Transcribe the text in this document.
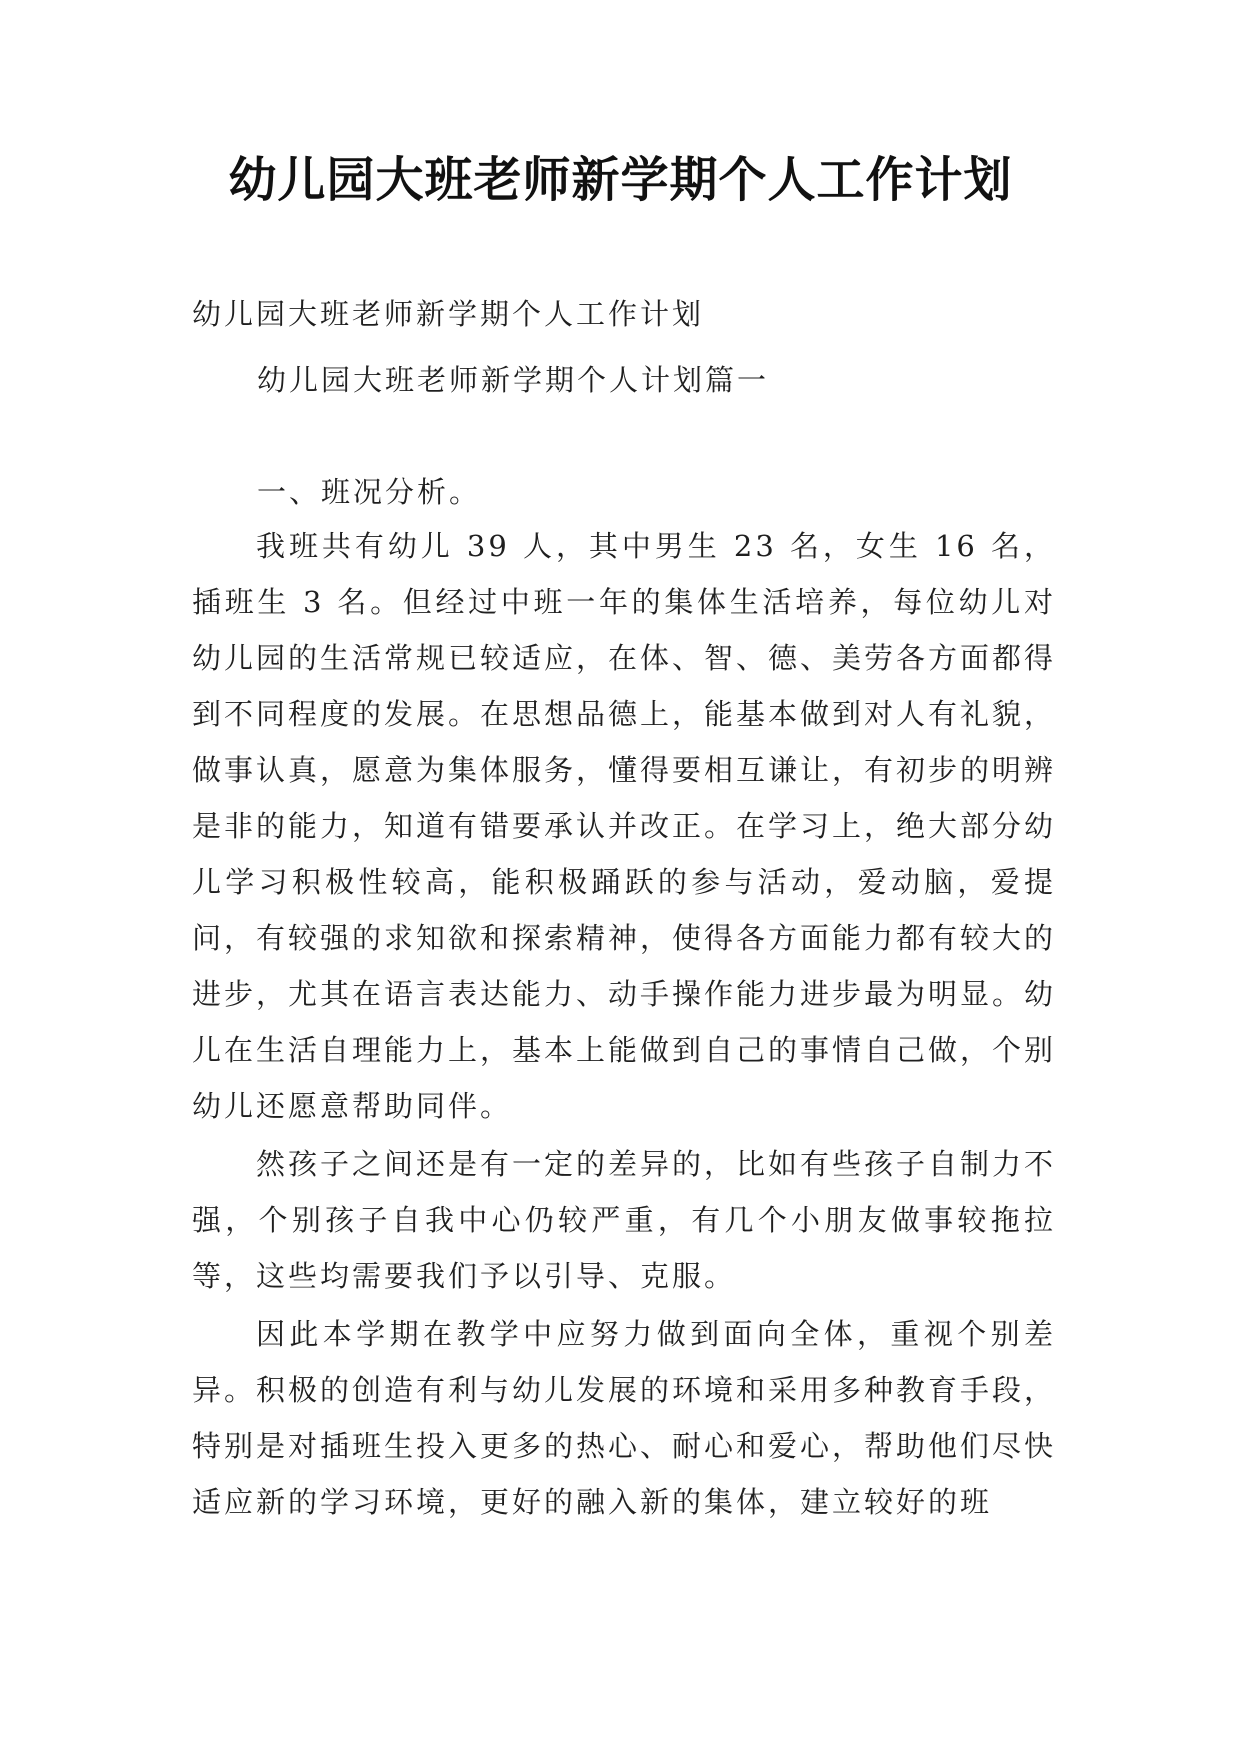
幼儿园大班老师新学期个人工作计划
幼儿园大班老师新学期个人工作计划
幼儿园大班老师新学期个人计划篇一
一、班况分析。

我班共有幼儿 39 人，其中男生 23 名，女生 16 名，插班生 3 名。但经过中班一年的集体生活培养，每位幼儿对幼儿园的生活常规已较适应，在体、智、德、美劳各方面都得到不同程度的发展。在思想品德上，能基本做到对人有礼貌，做事认真，愿意为集体服务，懂得要相互谦让，有初步的明辨是非的能力，知道有错要承认并改正。在学习上，绝大部分幼儿学习积极性较高，能积极踊跃的参与活动，爱动脑，爱提问，有较强的求知欲和探索精神，使得各方面能力都有较大的进步，尤其在语言表达能力、动手操作能力进步最为明显。幼儿在生活自理能力上，基本上能做到自己的事情自己做，个别幼儿还愿意帮助同伴。

然孩子之间还是有一定的差异的，比如有些孩子自制力不强，个别孩子自我中心仍较严重，有几个小朋友做事较拖拉等，这些均需要我们予以引导、克服。

因此本学期在教学中应努力做到面向全体，重视个别差异。积极的创造有利与幼儿发展的环境和采用多种教育手段，特别是对插班生投入更多的热心、耐心和爱心，帮助他们尽快适应新的学习环境，更好的融入新的集体，建立较好的班
